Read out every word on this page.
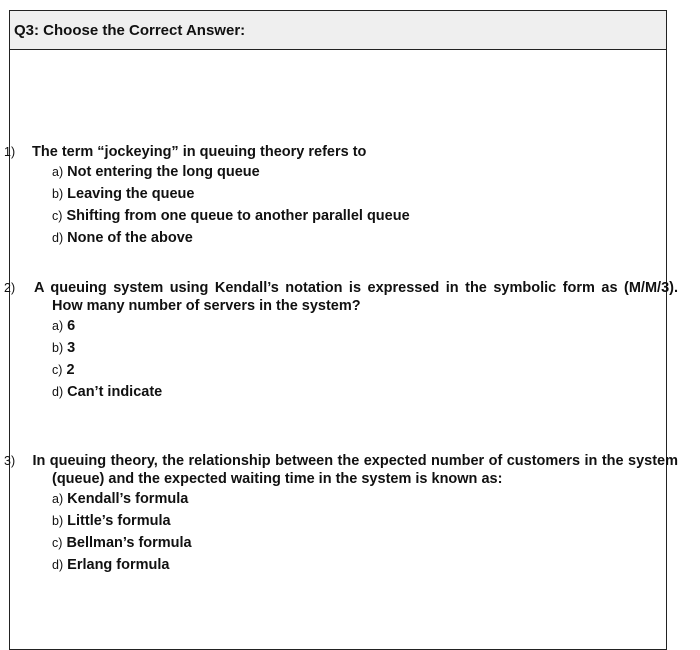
Q3: Choose the Correct Answer:
1) The term “jockeying” in queuing theory refers to
a) Not entering the long queue
b) Leaving the queue
c) Shifting from one queue to another parallel queue
d) None of the above
2) A queuing system using Kendall’s notation is expressed in the symbolic form as (M/M/3). How many number of servers in the system?
a) 6
b) 3
c) 2
d) Can’t indicate
3) In queuing theory, the relationship between the expected number of customers in the system (queue) and the expected waiting time in the system is known as:
a) Kendall’s formula
b) Little’s formula
c) Bellman’s formula
d) Erlang formula
